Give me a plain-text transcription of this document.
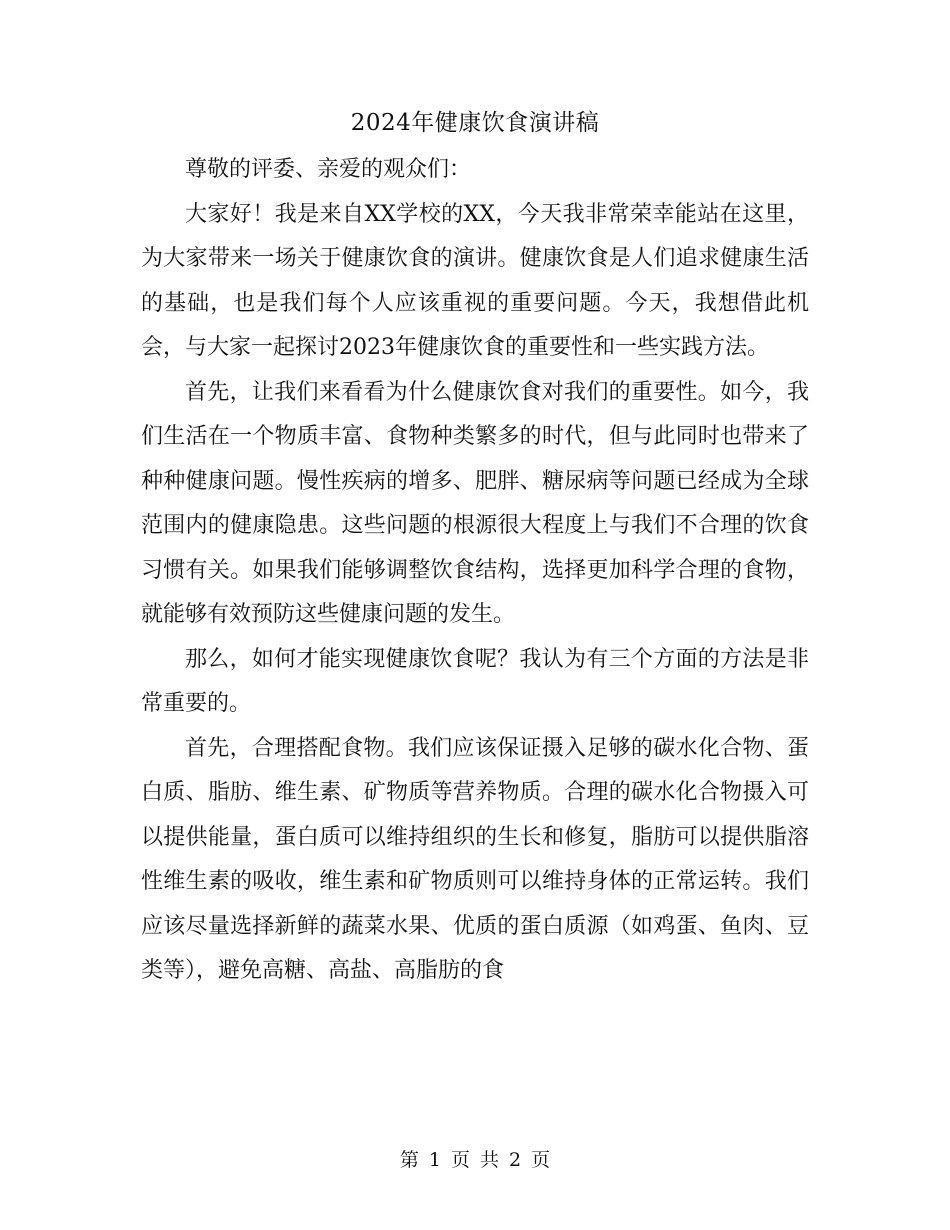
2024年健康饮食演讲稿

尊敬的评委、亲爱的观众们：

大家好！我是来自XX学校的XX，今天我非常荣幸能站在这里，为大家带来一场关于健康饮食的演讲。健康饮食是人们追求健康生活的基础，也是我们每个人应该重视的重要问题。今天，我想借此机会，与大家一起探讨2023年健康饮食的重要性和一些实践方法。

首先，让我们来看看为什么健康饮食对我们的重要性。如今，我们生活在一个物质丰富、食物种类繁多的时代，但与此同时也带来了种种健康问题。慢性疾病的增多、肥胖、糖尿病等问题已经成为全球范围内的健康隐患。这些问题的根源很大程度上与我们不合理的饮食习惯有关。如果我们能够调整饮食结构，选择更加科学合理的食物，就能够有效预防这些健康问题的发生。

那么，如何才能实现健康饮食呢？我认为有三个方面的方法是非常重要的。

首先，合理搭配食物。我们应该保证摄入足够的碳水化合物、蛋白质、脂肪、维生素、矿物质等营养物质。合理的碳水化合物摄入可以提供能量，蛋白质可以维持组织的生长和修复，脂肪可以提供脂溶性维生素的吸收，维生素和矿物质则可以维持身体的正常运转。我们应该尽量选择新鲜的蔬菜水果、优质的蛋白质源（如鸡蛋、鱼肉、豆类等），避免高糖、高盐、高脂肪的食

第 1 页 共 2 页
